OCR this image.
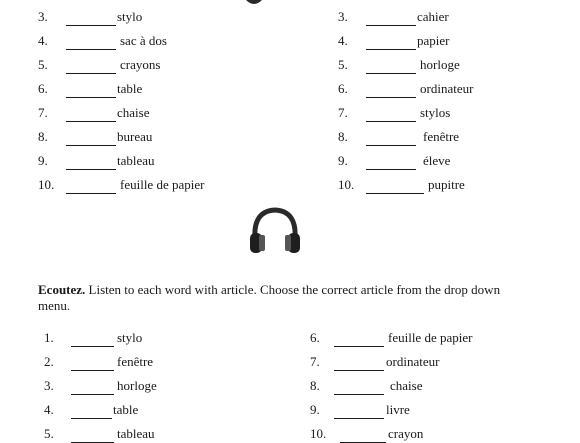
3.	stylo
4.	sac à dos
5.	crayons
6.	table
7.	chaise
8.	bureau
9.	tableau
10.	feuille de papier
3.	cahier
4.	papier
5.	horloge
6.	ordinateur
7.	stylos
8.	fenêtre
9.	éleve
10.	pupitre
Ecoutez. Listen to each word with article. Choose the correct article from the drop down menu.
1.	stylo
2.	fenêtre
3.	horloge
4.	table
5.	tableau
6.	feuille de papier
7.	ordinateur
8.	chaise
9.	livre
10.	crayon
